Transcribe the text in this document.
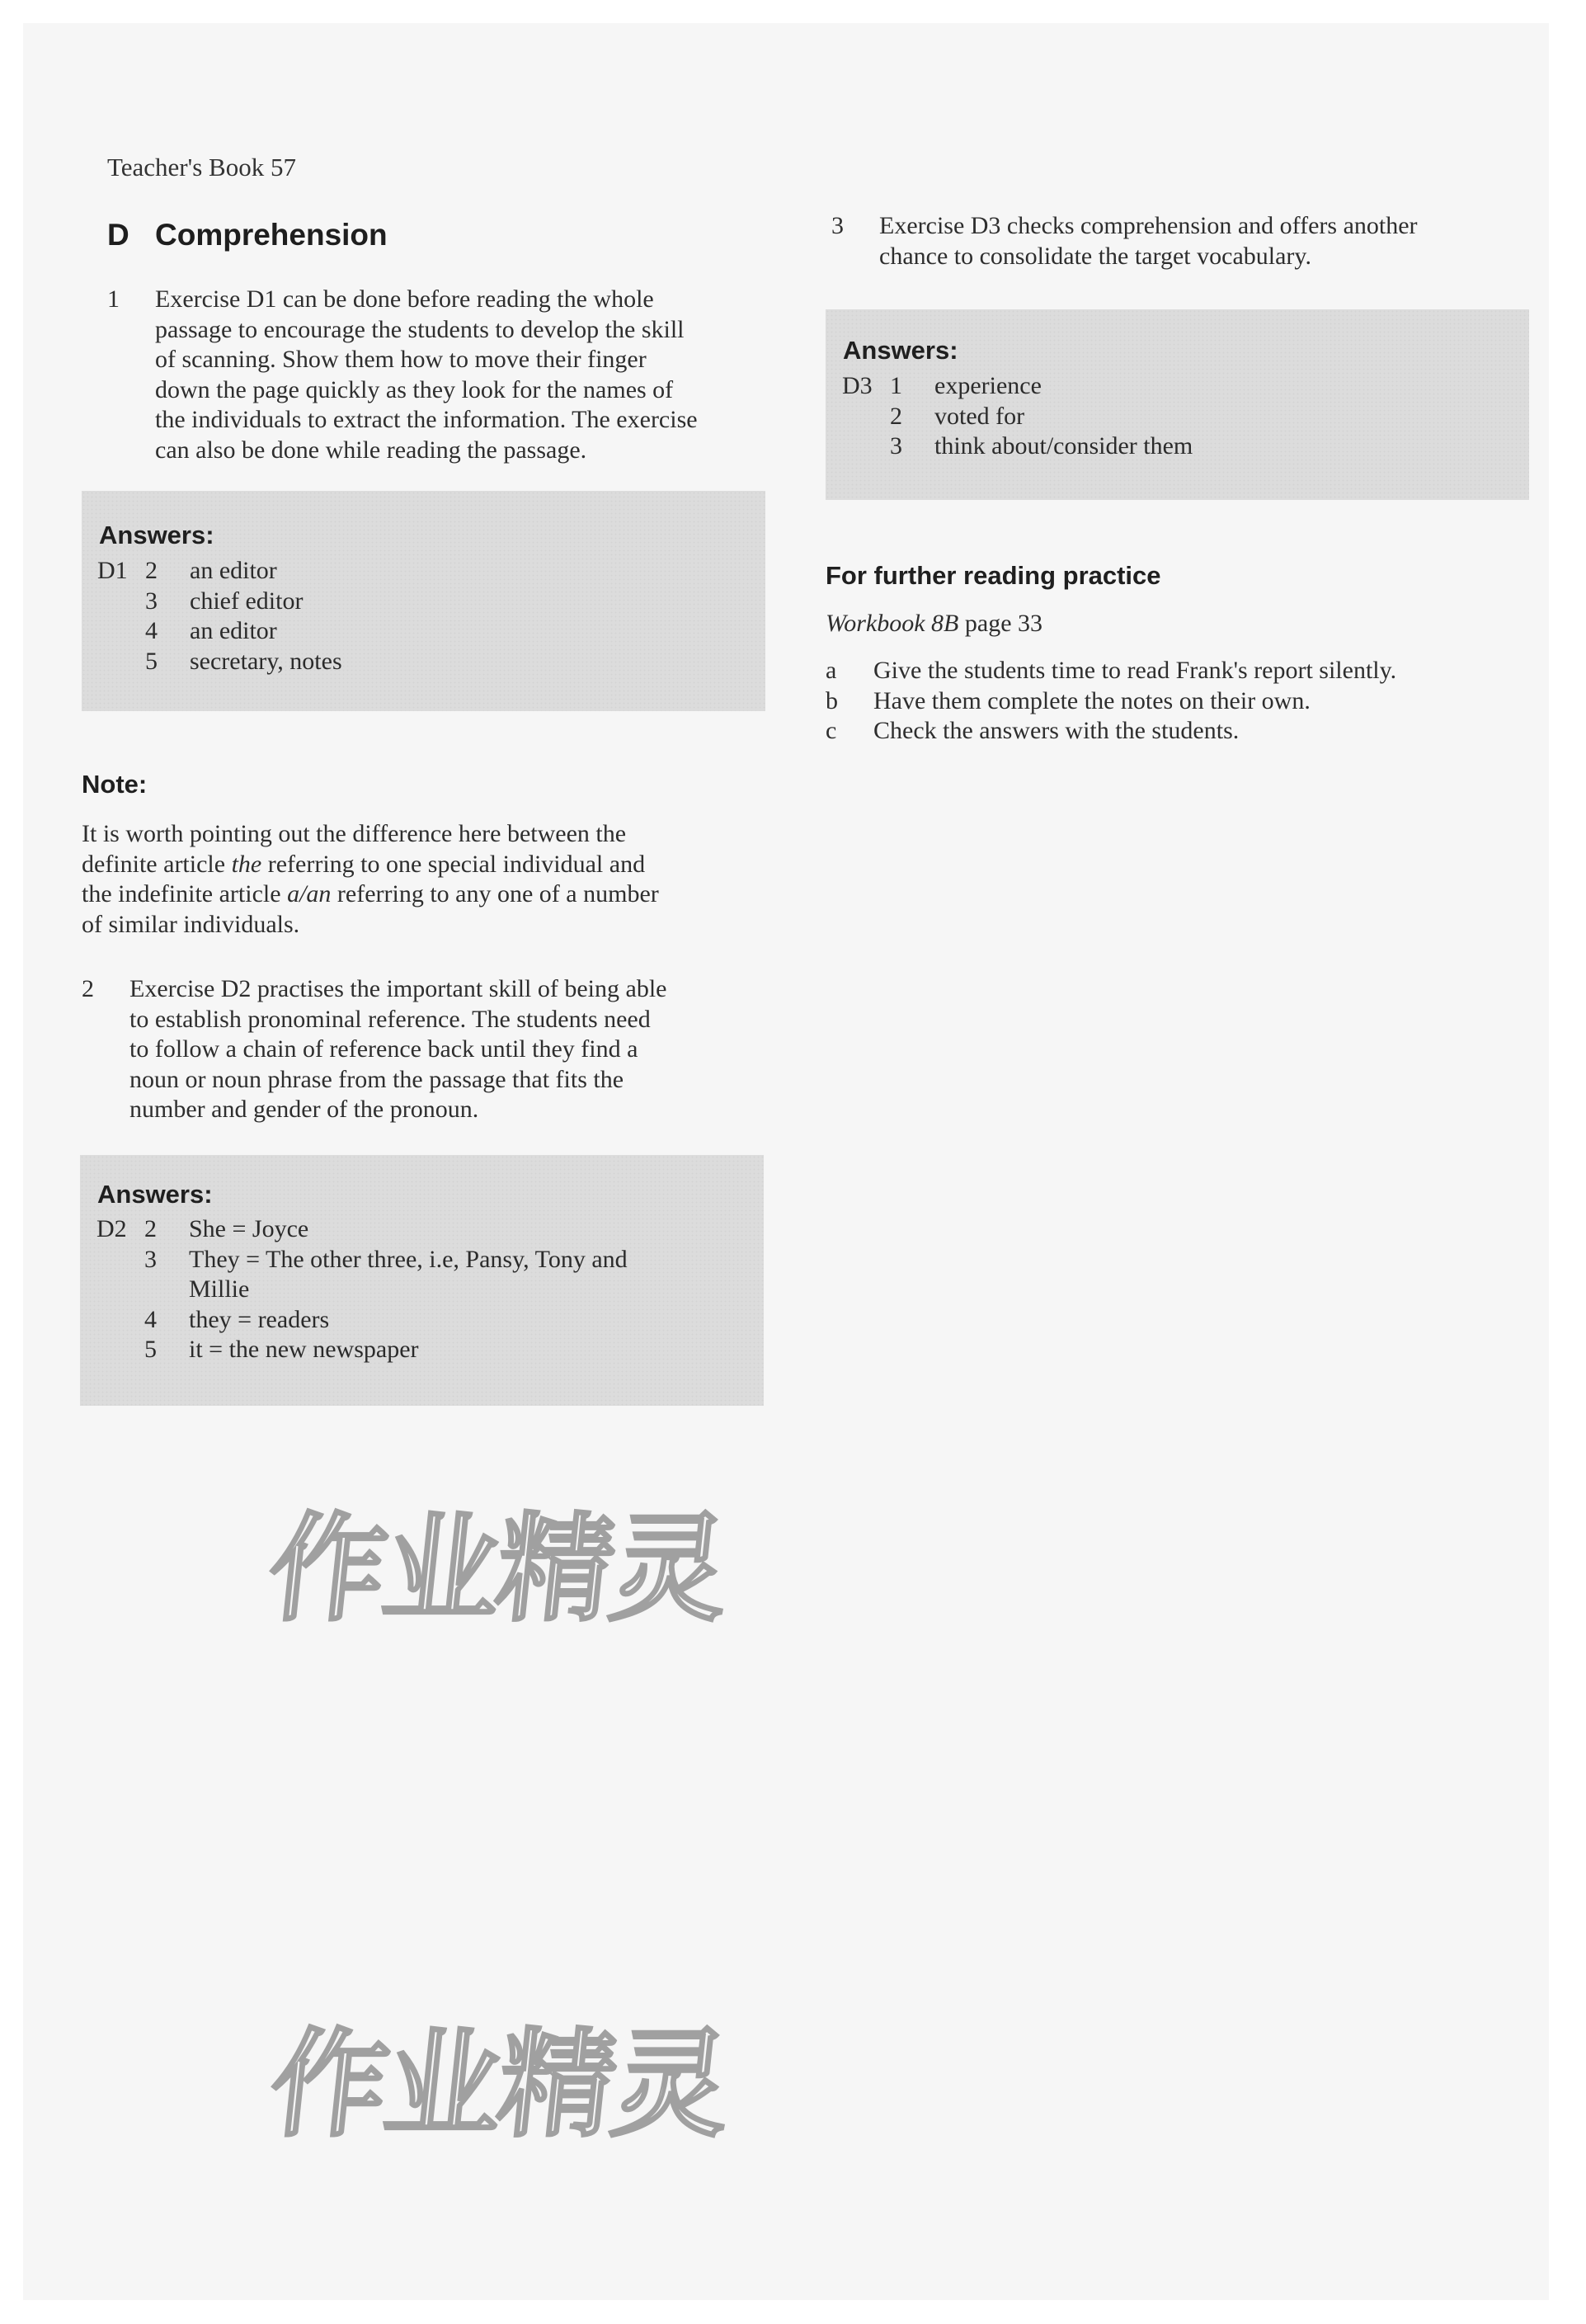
Teacher's Book 57
D Comprehension
1	Exercise D1 can be done before reading the whole
passage to encourage the students to develop the skill
of scanning. Show them how to move their finger
down the page quickly as they look for the names of
the individuals to extract the information. The exercise
can also be done while reading the passage.
Answers:
D1 2	an editor
3	chief editor
4	an editor
5	secretary, notes
Note:
It is worth pointing out the difference here between the
definite article the referring to one special individual and
the indefinite article a/an referring to any one of a number
of similar individuals.
2	Exercise D2 practises the important skill of being able
to establish pronominal reference. The students need
to follow a chain of reference back until they find a
noun or noun phrase from the passage that fits the
number and gender of the pronoun.
Answers:
D2 2	She = Joyce
3	They = The other three, i.e, Pansy, Tony and
Millie
4	they = readers
5	it = the new newspaper
3	Exercise D3 checks comprehension and offers another
chance to consolidate the target vocabulary.
Answers:
D3 1	experience
2	voted for
3	think about/consider them
For further reading practice
Workbook 8B page 33
a	Give the students time to read Frank's report silently.
b	Have them complete the notes on their own.
c	Check the answers with the students.
作业精灵
作业精灵
